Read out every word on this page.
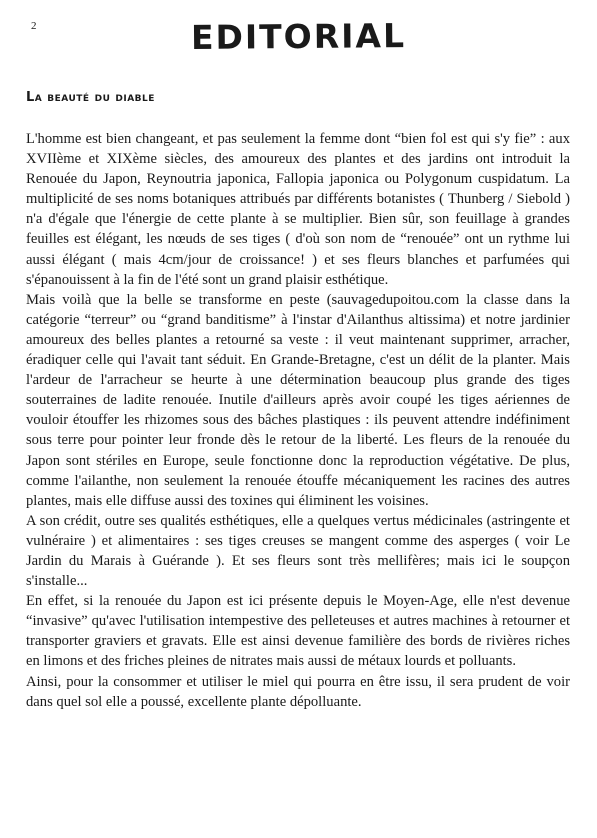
2	EDITORIAL
La beauté du diable

L'homme est bien changeant, et pas seulement la femme dont “bien fol est qui s'y fie” : aux XVIIème et XIXème siècles, des amoureux des plantes et des jardins ont introduit la Renouée du Japon, Reynoutria japonica, Fallopia japonica ou Polygonum cuspidatum. La multiplicité de ses noms botaniques attribués par différents botanistes ( Thunberg / Siebold ) n'a d'égale que l'énergie de cette plante à se multiplier. Bien sûr, son feuillage à grandes feuilles est élégant, les nœuds de ses tiges ( d'où son nom de “renouée” ont un rythme lui aussi élégant ( mais 4cm/jour de croissance! ) et ses fleurs blanches et parfumées qui s'épanouissent à la fin de l'été sont un grand plaisir esthétique.

Mais voilà que la belle se transforme en peste (sauvagedupoitou.com la classe dans la catégorie “terreur” ou “grand banditisme” à l'instar d'Ailanthus altissima) et notre jardinier amoureux des belles plantes a retourné sa veste : il veut maintenant supprimer, arracher, éradiquer celle qui l'avait tant séduit. En Grande-Bretagne, c'est un délit de la planter. Mais l'ardeur de l'arracheur se heurte à une détermination beaucoup plus grande des tiges souterraines de ladite renouée. Inutile d'ailleurs après avoir coupé les tiges aériennes de vouloir étouffer les rhizomes sous des bâches plastiques : ils peuvent attendre indéfiniment sous terre pour pointer leur fronde dès le retour de la liberté. Les fleurs de la renouée du Japon sont stériles en Europe, seule fonctionne donc la reproduction végétative. De plus, comme l'ailanthe, non seulement la renouée étouffe mécaniquement les racines des autres plantes, mais elle diffuse aussi des toxines qui éliminent les voisines.

A son crédit, outre ses qualités esthétiques, elle a quelques vertus médicinales (astringente et vulnéraire ) et alimentaires : ses tiges creuses se mangent comme des asperges ( voir Le Jardin du Marais à Guérande ). Et ses fleurs sont très mellifères; mais ici le soupçon s'installe...

En effet, si la renouée du Japon est ici présente depuis le Moyen-Age, elle n'est devenue “invasive” qu'avec l'utilisation intempestive des pelleteuses et autres machines à retourner et transporter graviers et gravats. Elle est ainsi devenue familière des bords de rivières riches en limons et des friches pleines de nitrates mais aussi de métaux lourds et polluants.

Ainsi, pour la consommer et utiliser le miel qui pourra en être issu, il sera prudent de voir dans quel sol elle a poussé, excellente plante dépolluante.
